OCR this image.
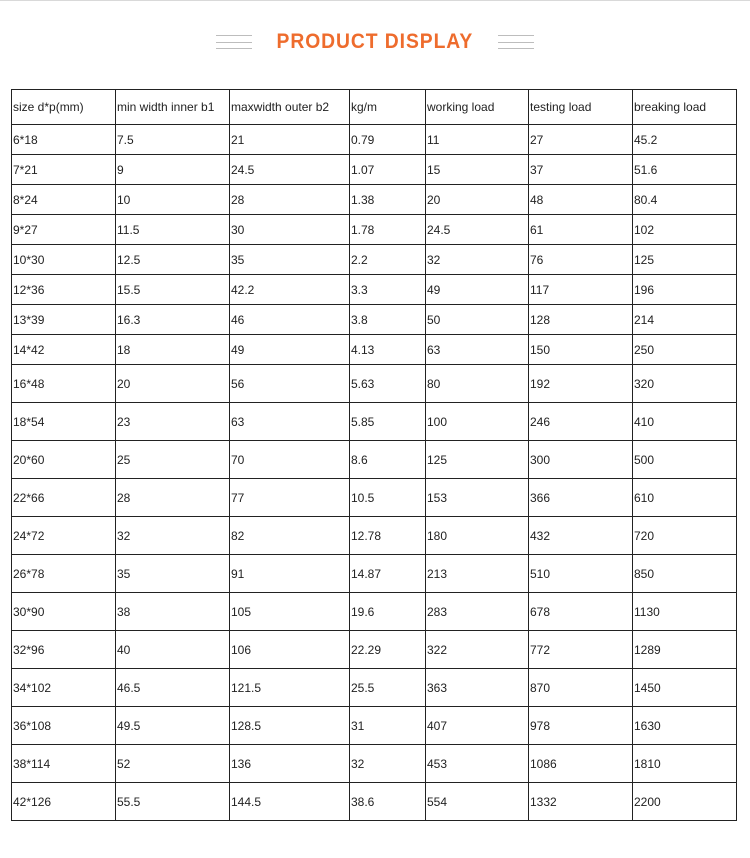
PRODUCT DISPLAY
size d*p(mm)	min width inner b1	maxwidth outer b2	kg/m	working load	testing load	breaking load
6*18	7.5	21	0.79	11	27	45.2
7*21	9	24.5	1.07	15	37	51.6
8*24	10	28	1.38	20	48	80.4
9*27	11.5	30	1.78	24.5	61	102
10*30	12.5	35	2.2	32	76	125
12*36	15.5	42.2	3.3	49	117	196
13*39	16.3	46	3.8	50	128	214
14*42	18	49	4.13	63	150	250
16*48	20	56	5.63	80	192	320
18*54	23	63	5.85	100	246	410
20*60	25	70	8.6	125	300	500
22*66	28	77	10.5	153	366	610
24*72	32	82	12.78	180	432	720
26*78	35	91	14.87	213	510	850
30*90	38	105	19.6	283	678	1130
32*96	40	106	22.29	322	772	1289
34*102	46.5	121.5	25.5	363	870	1450
36*108	49.5	128.5	31	407	978	1630
38*114	52	136	32	453	1086	1810
42*126	55.5	144.5	38.6	554	1332	2200
